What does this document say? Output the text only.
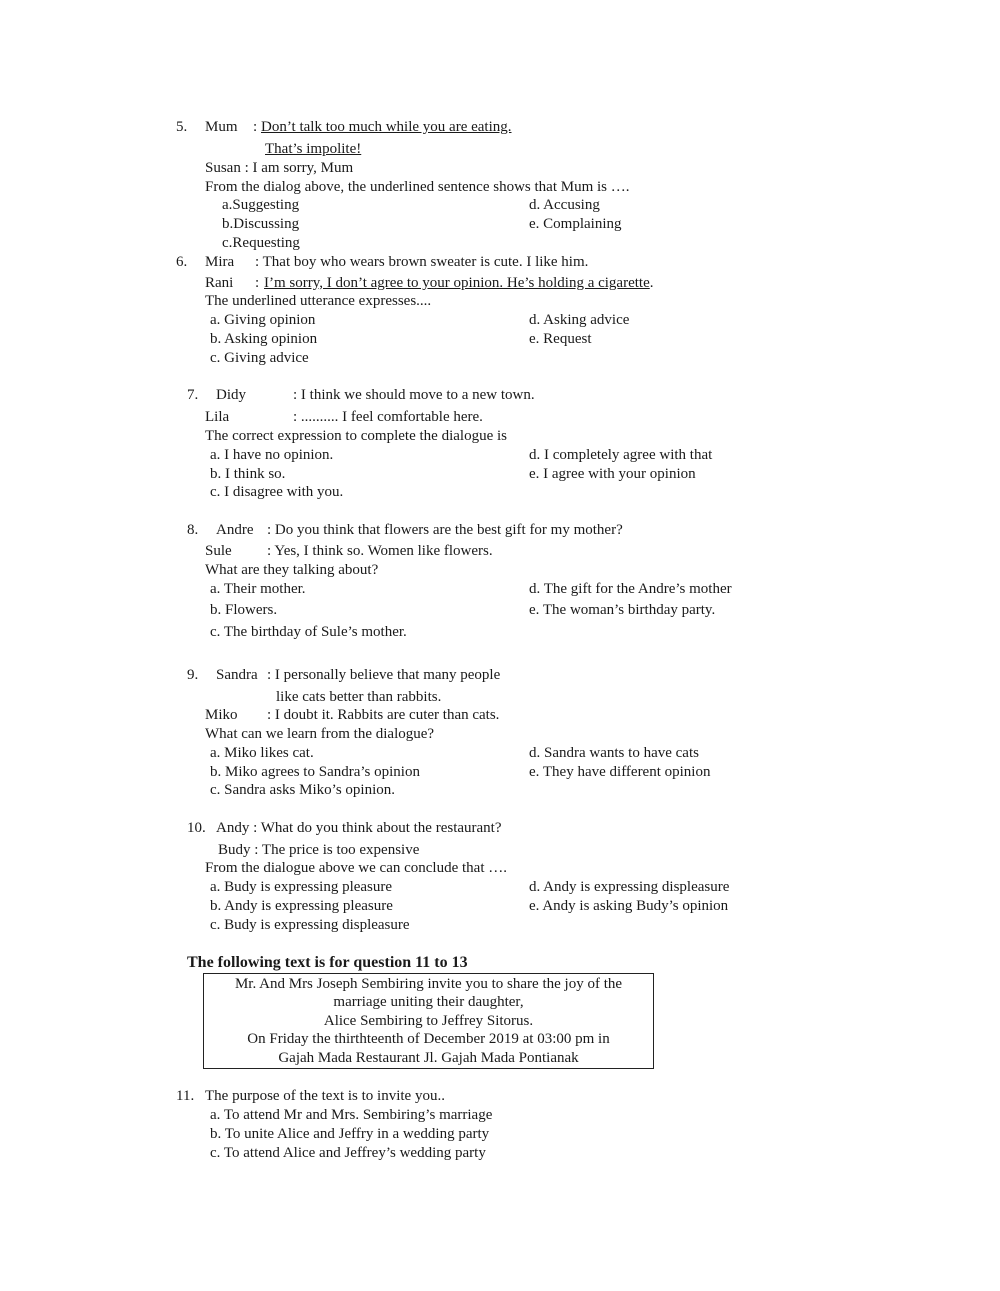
5. Mum : Don’t talk too much while you are eating.
That’s impolite!
Susan : I am sorry, Mum
From the dialog above, the underlined sentence shows that Mum is ….
a.Suggesting
b.Discussing
c.Requesting
d. Accusing
e. Complaining
6. Mira : That boy who wears brown sweater is cute. I like him.
Rani : I’m sorry, I don’t agree to your opinion. He’s holding a cigarette.
The underlined utterance expresses....
a. Giving opinion
b. Asking opinion
c. Giving advice
d. Asking advice
e. Request
7. Didy	: I think we should move to a new town.
Lila	: .......... I feel comfortable here.
The correct expression to complete the dialogue is
a. I have no opinion.
b. I think so.
c. I disagree with you.
d. I completely agree with that
e. I agree with your opinion
8. Andre : Do you think that flowers are the best gift for my mother?
Sule : Yes, I think so. Women like flowers.
What are they talking about?
a. Their mother.
b. Flowers.
c. The birthday of Sule’s mother.
d. The gift for the Andre’s mother
e. The woman’s birthday party.
9. Sandra : I personally believe that many people
like cats better than rabbits.
Miko : I doubt it. Rabbits are cuter than cats.
What can we learn from the dialogue?
a. Miko likes cat.
b. Miko agrees to Sandra’s opinion
c. Sandra asks Miko’s opinion.
d. Sandra wants to have cats
e. They have different opinion
10. Andy : What do you think about the restaurant?
Budy : The price is too expensive
From the dialogue above we can conclude that ….
a. Budy is expressing pleasure
b. Andy is expressing pleasure
c. Budy is expressing displeasure
d. Andy is expressing displeasure
e. Andy is asking Budy’s opinion
The following text is for question 11 to 13
Mr. And Mrs Joseph Sembiring invite you to share the joy of the
marriage uniting their daughter,
Alice Sembiring to Jeffrey Sitorus.
On Friday the thirthteenth of December 2019 at 03:00 pm in
Gajah Mada Restaurant Jl. Gajah Mada Pontianak
11. The purpose of the text is to invite you..
a. To attend Mr and Mrs. Sembiring’s marriage
b. To unite Alice and Jeffry in a wedding party
c. To attend Alice and Jeffrey’s wedding party
